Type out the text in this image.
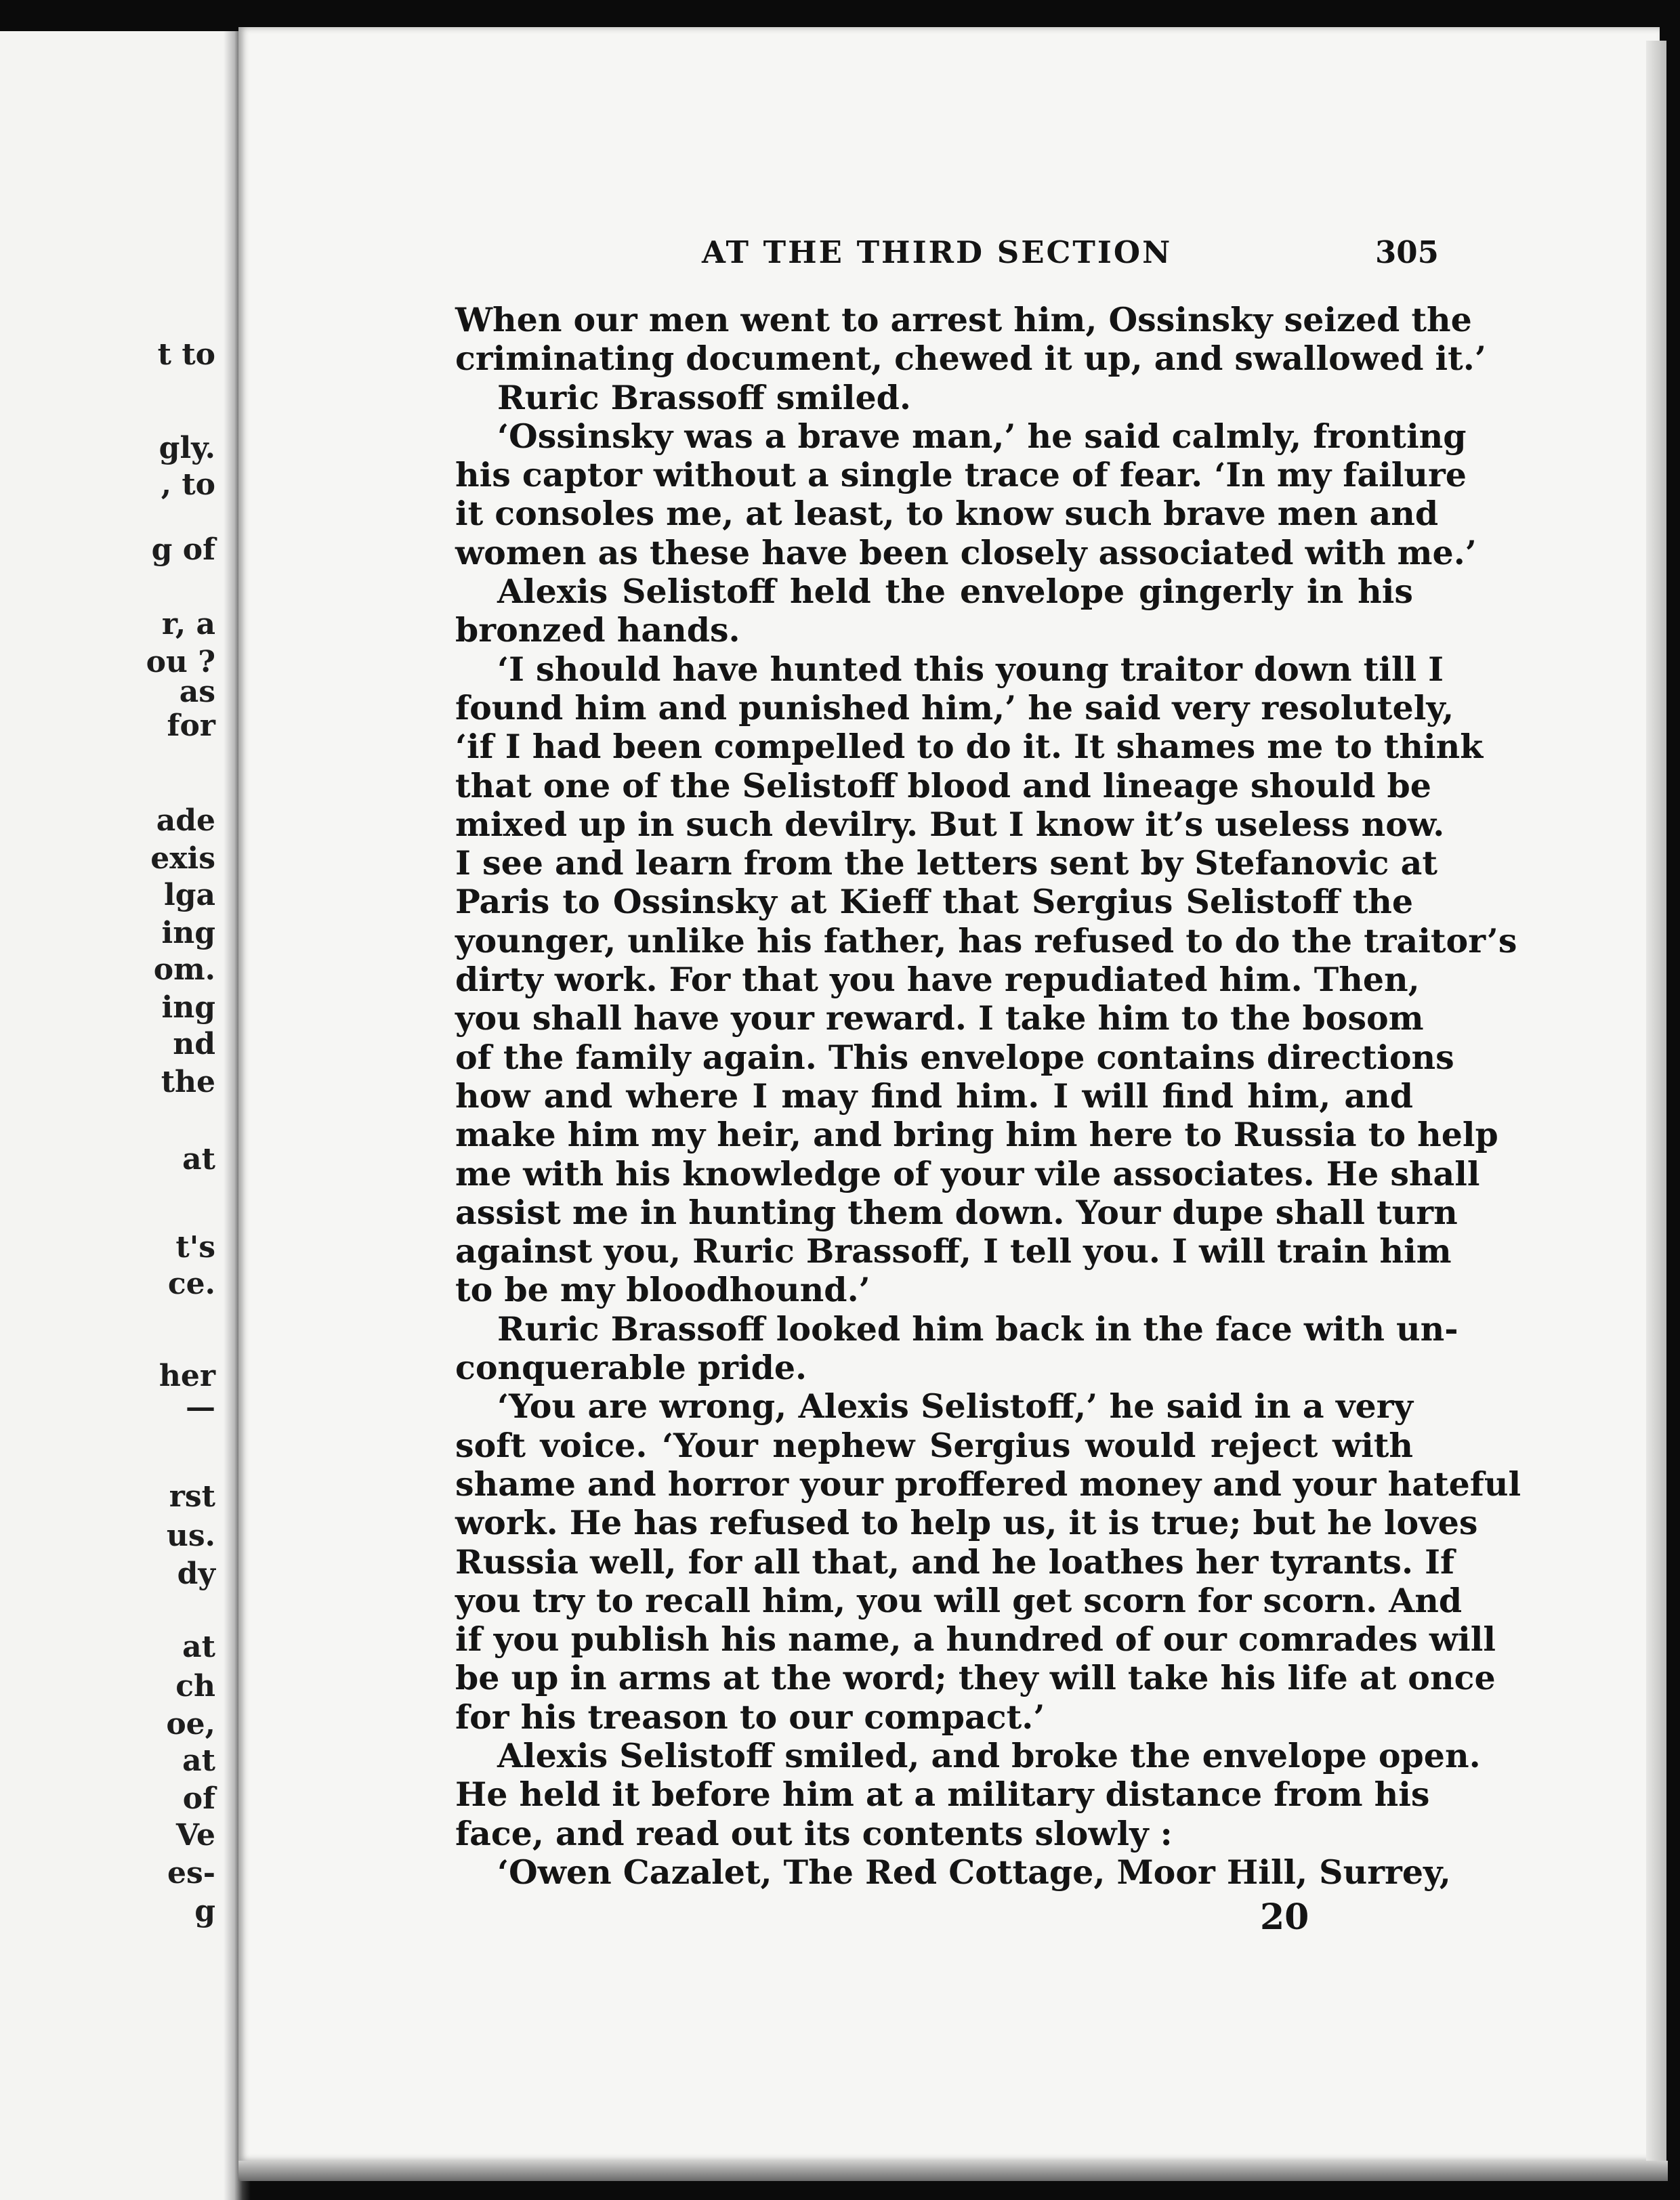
t to
gly.
, to
g of
r, a
ou ?
as
for
ade
exis
lga
ing
om.
ing
nd
the
at
t's
ce.
her
—
rst
us.
dy
at
ch
oe,
at
of
Ve
es-
g
AT THE THIRD SECTION	305
When our men went to arrest him, Ossinsky seized the
criminating document, chewed it up, and swallowed it.’
Ruric Brassoff smiled.
‘Ossinsky was a brave man,’ he said calmly, fronting
his captor without a single trace of fear. ‘In my failure
it consoles me, at least, to know such brave men and
women as these have been closely associated with me.’
Alexis Selistoff held the envelope gingerly in his
bronzed hands.
‘I should have hunted this young traitor down till I
found him and punished him,’ he said very resolutely,
‘if I had been compelled to do it. It shames me to think
that one of the Selistoff blood and lineage should be
mixed up in such devilry. But I know it’s useless now.
I see and learn from the letters sent by Stefanovic at
Paris to Ossinsky at Kieff that Sergius Selistoff the
younger, unlike his father, has refused to do the traitor’s
dirty work. For that you have repudiated him. Then,
you shall have your reward. I take him to the bosom
of the family again. This envelope contains directions
how and where I may find him. I will find him, and
make him my heir, and bring him here to Russia to help
me with his knowledge of your vile associates. He shall
assist me in hunting them down. Your dupe shall turn
against you, Ruric Brassoff, I tell you. I will train him
to be my bloodhound.’
Ruric Brassoff looked him back in the face with un-
conquerable pride.
‘You are wrong, Alexis Selistoff,’ he said in a very
soft voice. ‘Your nephew Sergius would reject with
shame and horror your proffered money and your hateful
work. He has refused to help us, it is true; but he loves
Russia well, for all that, and he loathes her tyrants. If
you try to recall him, you will get scorn for scorn. And
if you publish his name, a hundred of our comrades will
be up in arms at the word; they will take his life at once
for his treason to our compact.’
Alexis Selistoff smiled, and broke the envelope open.
He held it before him at a military distance from his
face, and read out its contents slowly :
‘Owen Cazalet, The Red Cottage, Moor Hill, Surrey,
20
